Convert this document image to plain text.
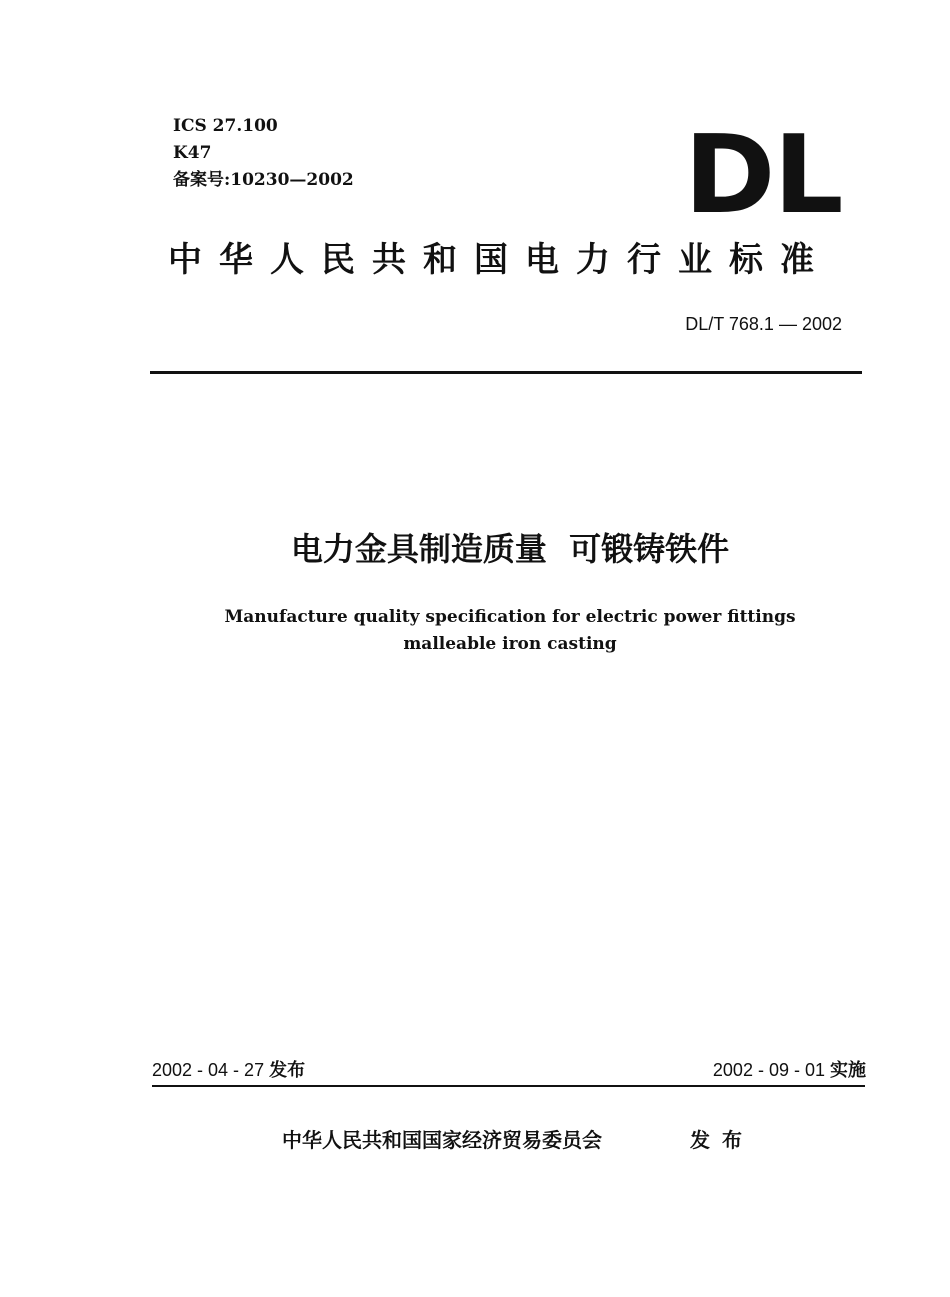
ICS 27.100
K47
备案号:10230—2002	DL
中华人民共和国电力行业标准
DL/T 768.1 — 2002
电力金具制造质量  可锻铸铁件
Manufacture quality specification for electric power fittings
malleable iron casting
2002 - 04 - 27 发布	2002 - 09 - 01 实施
中华人民共和国国家经济贸易委员会	发布
